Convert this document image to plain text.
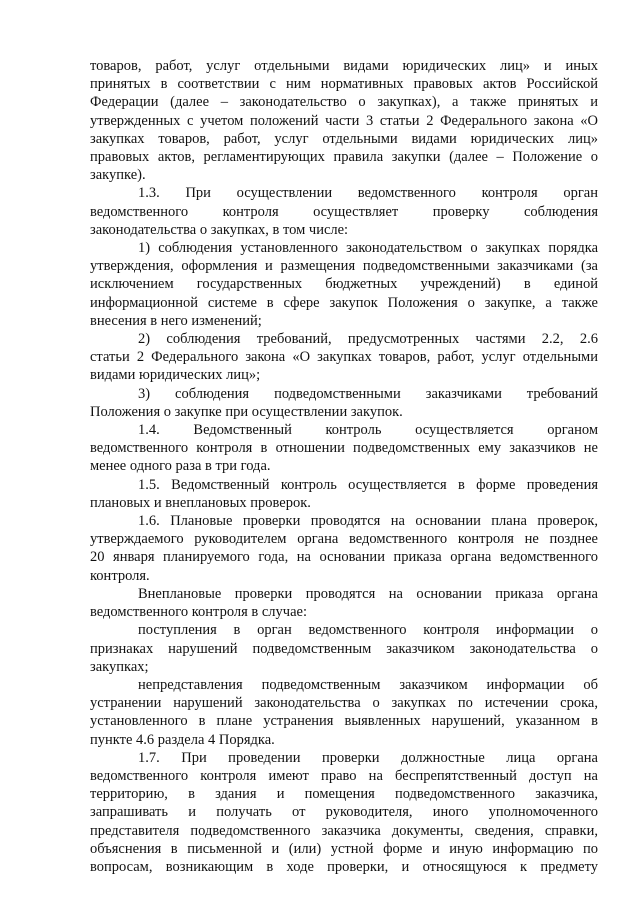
товаров, работ, услуг отдельными видами юридических лиц» и иных

принятых в соответствии с ним нормативных правовых актов Российской

Федерации (далее – законодательство о закупках), а также принятых и

утвержденных с учетом положений части 3 статьи 2 Федерального закона «О

закупках товаров, работ, услуг отдельными видами юридических лиц»

правовых актов, регламентирующих правила закупки (далее – Положение о

закупке).

1.3. При осуществлении ведомственного контроля орган

ведомственного контроля осуществляет проверку соблюдения

законодательства о закупках, в том числе:

1) соблюдения установленного законодательством о закупках порядка

утверждения, оформления и размещения подведомственными заказчиками (за

исключением государственных бюджетных учреждений) в единой

информационной системе в сфере закупок Положения о закупке, а также

внесения в него изменений;

2) соблюдения требований, предусмотренных частями 2.2, 2.6

статьи 2 Федерального закона «О закупках товаров, работ, услуг отдельными

видами юридических лиц»;

3) соблюдения подведомственными заказчиками требований

Положения о закупке при осуществлении закупок.

1.4. Ведомственный контроль осуществляется органом

ведомственного контроля в отношении подведомственных ему заказчиков не

менее одного раза в три года.

1.5. Ведомственный контроль осуществляется в форме проведения

плановых и внеплановых проверок.

1.6. Плановые проверки проводятся на основании плана проверок,

утверждаемого руководителем органа ведомственного контроля не позднее

20 января планируемого года, на основании приказа органа ведомственного

контроля.

Внеплановые проверки проводятся на основании приказа органа

ведомственного контроля в случае:

поступления в орган ведомственного контроля информации о

признаках нарушений подведомственным заказчиком законодательства о

закупках;

непредставления подведомственным заказчиком информации об

устранении нарушений законодательства о закупках по истечении срока,

установленного в плане устранения выявленных нарушений, указанном в

пункте 4.6 раздела 4 Порядка.

1.7. При проведении проверки должностные лица органа

ведомственного контроля имеют право на беспрепятственный доступ на

территорию, в здания и помещения подведомственного заказчика,

запрашивать и получать от руководителя, иного уполномоченного

представителя подведомственного заказчика документы, сведения, справки,

объяснения в письменной и (или) устной форме и иную информацию по

вопросам, возникающим в ходе проверки, и относящуюся к предмету
